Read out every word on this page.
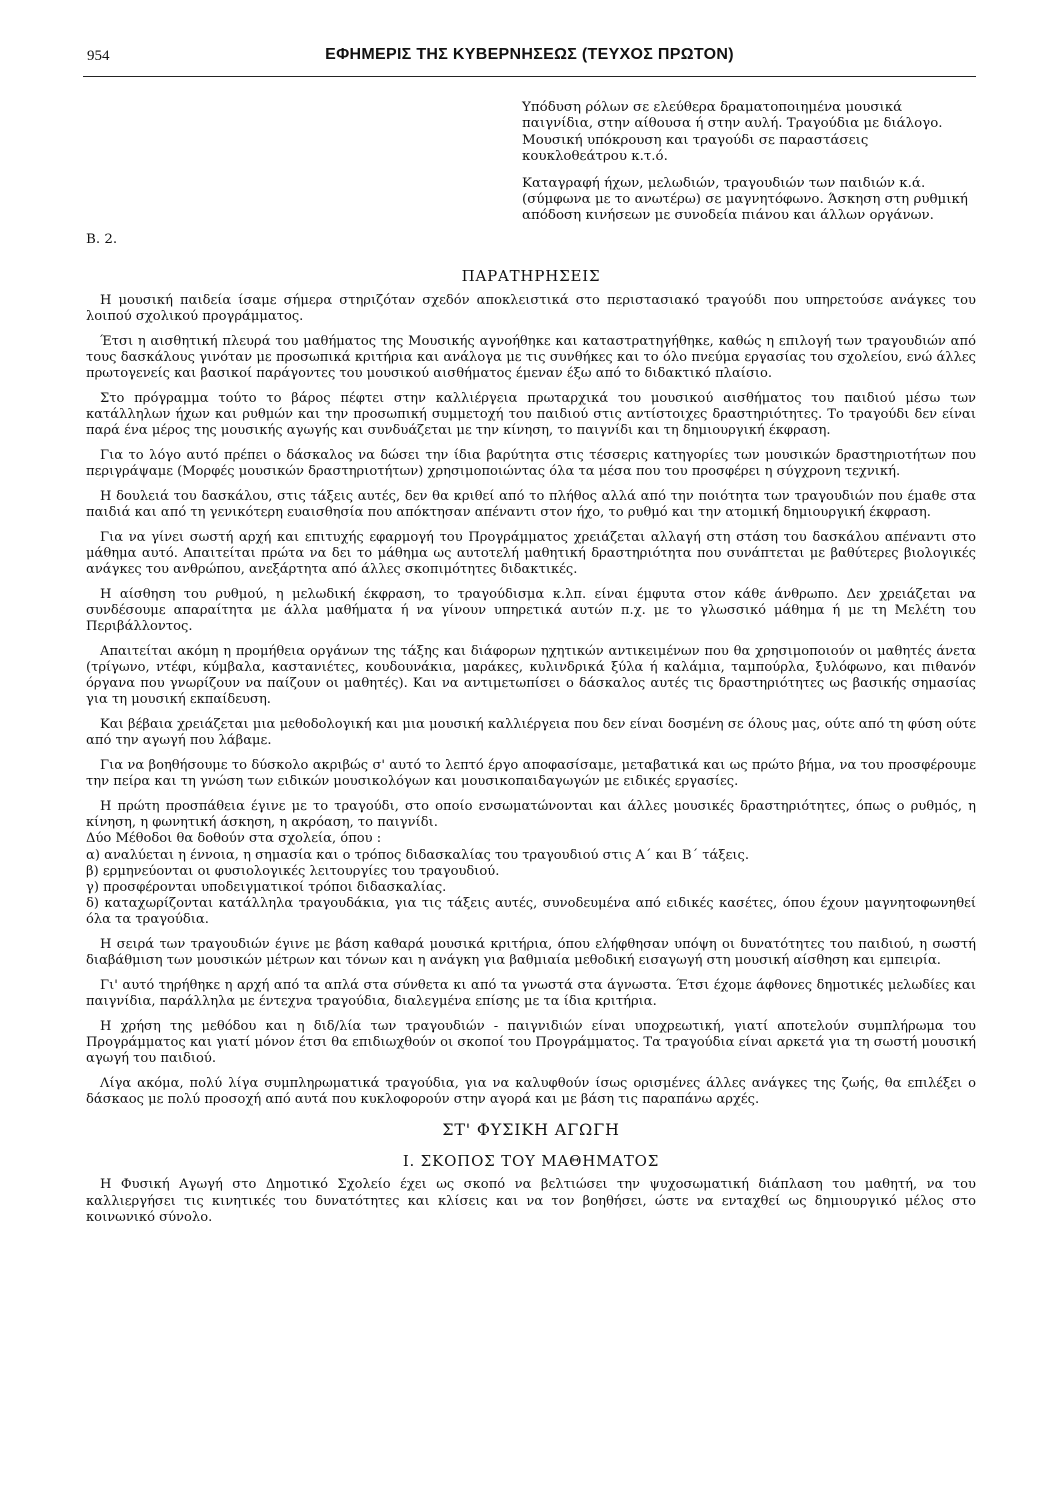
954	ΕΦΗΜΕΡΙΣ ΤΗΣ ΚΥΒΕΡΝΗΣΕΩΣ (ΤΕΥΧΟΣ ΠΡΩΤΟΝ)

Υπόδυση ρόλων σε ελεύθερα δραματοποιημένα μουσικά παιγνίδια, στην αίθουσα ή στην αυλή. Τραγούδια με διάλογο. Μουσική υπόκρουση και τραγούδι σε παραστάσεις κουκλοθεάτρου κ.τ.ό.

Καταγραφή ήχων, μελωδιών, τραγουδιών των παιδιών κ.ά. (σύμφωνα με το ανωτέρω) σε μαγνητόφωνο. Άσκηση στη ρυθμική απόδοση κινήσεων με συνοδεία πιάνου και άλλων οργάνων.

Β. 2.

ΠΑΡΑΤΗΡΗΣΕΙΣ

Η μουσική παιδεία ίσαμε σήμερα στηριζόταν σχεδόν αποκλειστικά στο περιστασιακό τραγούδι που υπηρετούσε ανάγκες του λοιπού σχολικού προγράμματος.

Έτσι η αισθητική πλευρά του μαθήματος της Μουσικής αγνοήθηκε και καταστρατηγήθηκε, καθώς η επιλογή των τραγουδιών από τους δασκάλους γινόταν με προσωπικά κριτήρια και ανάλογα με τις συνθήκες και το όλο πνεύμα εργασίας του σχολείου, ενώ άλλες πρωτογενείς και βασικοί παράγοντες του μουσικού αισθήματος έμεναν έξω από το διδακτικό πλαίσιο.

Στο πρόγραμμα τούτο το βάρος πέφτει στην καλλιέργεια πρωταρχικά του μουσικού αισθήματος του παιδιού μέσω των κατάλληλων ήχων και ρυθμών και την προσωπική συμμετοχή του παιδιού στις αντίστοιχες δραστηριότητες. Το τραγούδι δεν είναι παρά ένα μέρος της μουσικής αγωγής και συνδυάζεται με την κίνηση, το παιγνίδι και τη δημιουργική έκφραση.

Για το λόγο αυτό πρέπει ο δάσκαλος να δώσει την ίδια βαρύτητα στις τέσσερις κατηγορίες των μουσικών δραστηριοτήτων που περιγράψαμε (Μορφές μουσικών δραστηριοτήτων) χρησιμοποιώντας όλα τα μέσα που του προσφέρει η σύγχρονη τεχνική.

Η δουλειά του δασκάλου, στις τάξεις αυτές, δεν θα κριθεί από το πλήθος αλλά από την ποιότητα των τραγουδιών που έμαθε στα παιδιά και από τη γενικότερη ευαισθησία που απόκτησαν απέναντι στον ήχο, το ρυθμό και την ατομική δημιουργική έκφραση.

Για να γίνει σωστή αρχή και επιτυχής εφαρμογή του Προγράμματος χρειάζεται αλλαγή στη στάση του δασκάλου απέναντι στο μάθημα αυτό. Απαιτείται πρώτα να δει το μάθημα ως αυτοτελή μαθητική δραστηριότητα που συνάπτεται με βαθύτερες βιολογικές ανάγκες του ανθρώπου, ανεξάρτητα από άλλες σκοπιμότητες διδακτικές.

Η αίσθηση του ρυθμού, η μελωδική έκφραση, το τραγούδισμα κ.λπ. είναι έμφυτα στον κάθε άνθρωπο. Δεν χρειάζεται να συνδέσουμε απαραίτητα με άλλα μαθήματα ή να γίνουν υπηρετικά αυτών π.χ. με το γλωσσικό μάθημα ή με τη Μελέτη του Περιβάλλοντος.

Απαιτείται ακόμη η προμήθεια οργάνων της τάξης και διάφορων ηχητικών αντικειμένων που θα χρησιμοποιούν οι μαθητές άνετα (τρίγωνο, ντέφι, κύμβαλα, καστανιέτες, κουδουνάκια, μαράκες, κυλινδρικά ξύλα ή καλάμια, ταμπούρλα, ξυλόφωνο, και πιθανόν όργανα που γνωρίζουν να παίζουν οι μαθητές). Και να αντιμετωπίσει ο δάσκαλος αυτές τις δραστηριότητες ως βασικής σημασίας για τη μουσική εκπαίδευση.

Και βέβαια χρειάζεται μια μεθοδολογική και μια μουσική καλλιέργεια που δεν είναι δοσμένη σε όλους μας, ούτε από τη φύση ούτε από την αγωγή που λάβαμε.

Για να βοηθήσουμε το δύσκολο ακριβώς σ' αυτό το λεπτό έργο αποφασίσαμε, μεταβατικά και ως πρώτο βήμα, να του προσφέρουμε την πείρα και τη γνώση των ειδικών μουσικολόγων και μουσικοπαιδαγωγών με ειδικές εργασίες.

Η πρώτη προσπάθεια έγινε με το τραγούδι, στο οποίο ενσωματώνονται και άλλες μουσικές δραστηριότητες, όπως ο ρυθμός, η κίνηση, η φωνητική άσκηση, η ακρόαση, το παιγνίδι.

Δύο Μέθοδοι θα δοθούν στα σχολεία, όπου :

α) αναλύεται η έννοια, η σημασία και ο τρόπος διδασκαλίας του τραγουδιού στις Α΄ και Β΄ τάξεις.

β) ερμηνεύονται οι φυσιολογικές λειτουργίες του τραγουδιού.

γ) προσφέρονται υποδειγματικοί τρόποι διδασκαλίας.

δ) καταχωρίζονται κατάλληλα τραγουδάκια, για τις τάξεις αυτές, συνοδευμένα από ειδικές κασέτες, όπου έχουν μαγνητοφωνηθεί όλα τα τραγούδια.

Η σειρά των τραγουδιών έγινε με βάση καθαρά μουσικά κριτήρια, όπου ελήφθησαν υπόψη οι δυνατότητες του παιδιού, η σωστή διαβάθμιση των μουσικών μέτρων και τόνων και η ανάγκη για βαθμιαία μεθοδική εισαγωγή στη μουσική αίσθηση και εμπειρία.

Γι' αυτό τηρήθηκε η αρχή από τα απλά στα σύνθετα κι από τα γνωστά στα άγνωστα. Έτσι έχομε άφθονες δημοτικές μελωδίες και παιγνίδια, παράλληλα με έντεχνα τραγούδια, διαλεγμένα επίσης με τα ίδια κριτήρια.

Η χρήση της μεθόδου και η διδ/λία των τραγουδιών - παιγνιδιών είναι υποχρεωτική, γιατί αποτελούν συμπλήρωμα του Προγράμματος και γιατί μόνον έτσι θα επιδιωχθούν οι σκοποί του Προγράμματος. Τα τραγούδια είναι αρκετά για τη σωστή μουσική αγωγή του παιδιού.

Λίγα ακόμα, πολύ λίγα συμπληρωματικά τραγούδια, για να καλυφθούν ίσως ορισμένες άλλες ανάγκες της ζωής, θα επιλέξει ο δάσκαος με πολύ προσοχή από αυτά που κυκλοφορούν στην αγορά και με βάση τις παραπάνω αρχές.

ΣΤ' ΦΥΣΙΚΗ ΑΓΩΓΗ

Ι. ΣΚΟΠΟΣ ΤΟΥ ΜΑΘΗΜΑΤΟΣ

Η Φυσική Αγωγή στο Δημοτικό Σχολείο έχει ως σκοπό να βελτιώσει την ψυχοσωματική διάπλαση του μαθητή, να του καλλιεργήσει τις κινητικές του δυνατότητες και κλίσεις και να τον βοηθήσει, ώστε να ενταχθεί ως δημιουργικό μέλος στο κοινωνικό σύνολο.
